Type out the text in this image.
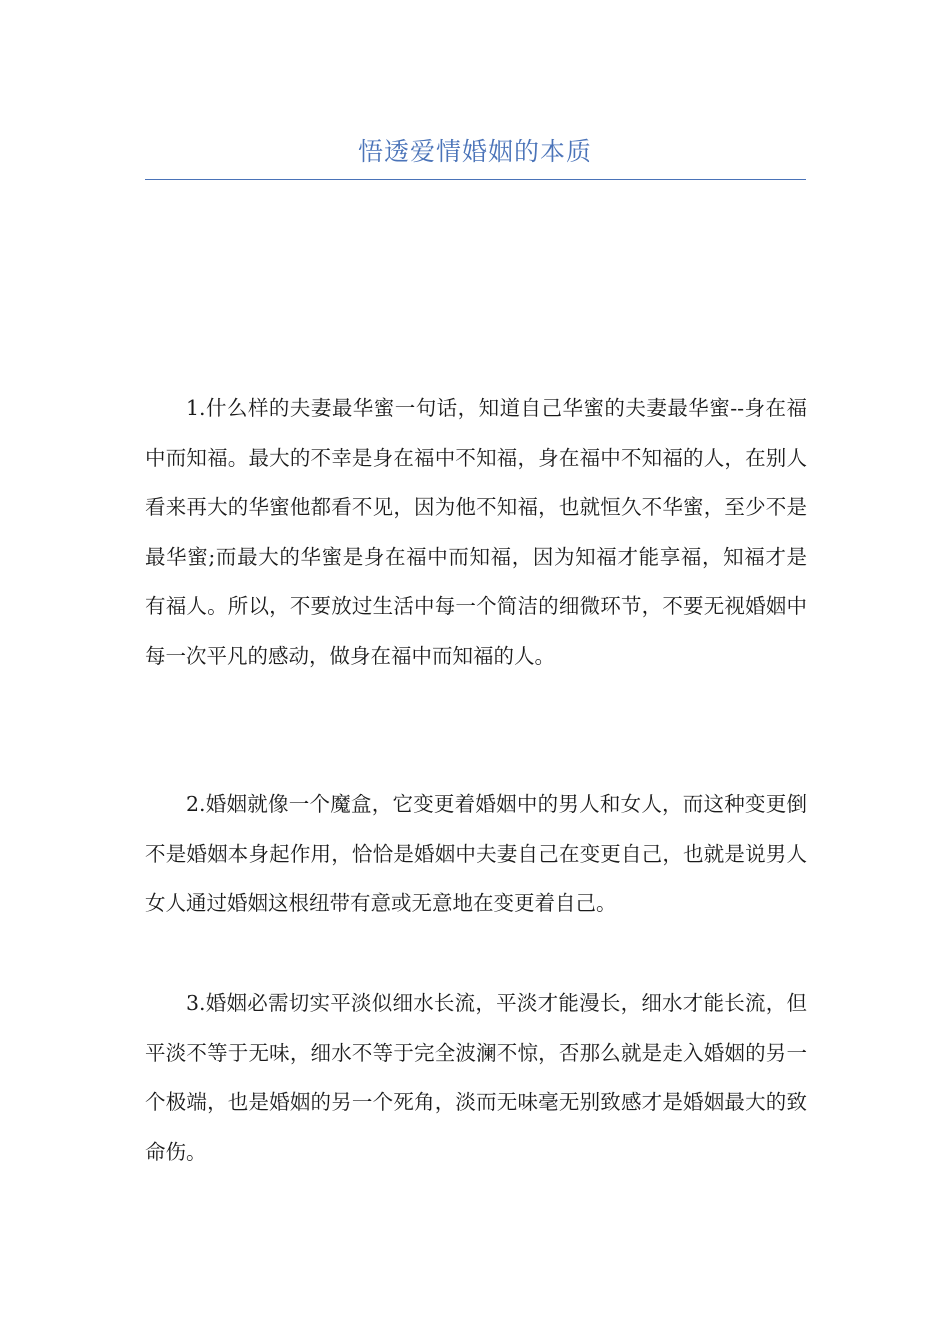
悟透爱情婚姻的本质

1.什么样的夫妻最华蜜一句话，知道自己华蜜的夫妻最华蜜--身在福中而知福。最大的不幸是身在福中不知福，身在福中不知福的人，在别人看来再大的华蜜他都看不见，因为他不知福，也就恒久不华蜜，至少不是最华蜜;而最大的华蜜是身在福中而知福，因为知福才能享福，知福才是有福人。所以，不要放过生活中每一个简洁的细微环节，不要无视婚姻中每一次平凡的感动，做身在福中而知福的人。

2.婚姻就像一个魔盒，它变更着婚姻中的男人和女人，而这种变更倒不是婚姻本身起作用，恰恰是婚姻中夫妻自己在变更自己，也就是说男人女人通过婚姻这根纽带有意或无意地在变更着自己。

3.婚姻必需切实平淡似细水长流，平淡才能漫长，细水才能长流，但平淡不等于无味，细水不等于完全波澜不惊，否那么就是走入婚姻的另一个极端，也是婚姻的另一个死角，淡而无味毫无别致感才是婚姻最大的致命伤。
